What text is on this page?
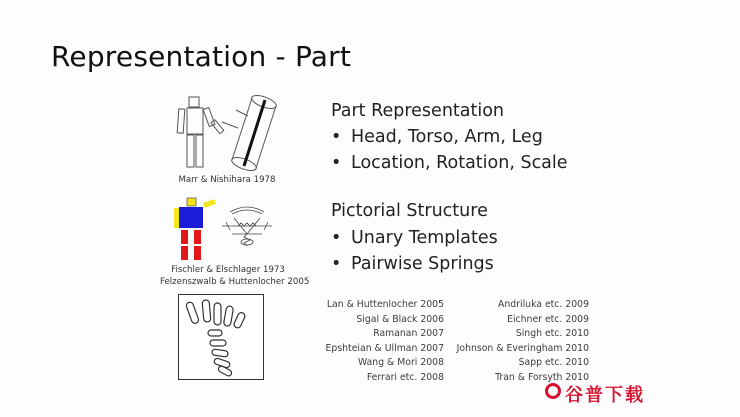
Representation - Part
Marr & Nishihara 1978
Fischler & Elschlager 1973
Felzenszwalb & Huttenlocher 2005
Part Representation
• Head, Torso, Arm, Leg
• Location, Rotation, Scale
Pictorial Structure
• Unary Templates
• Pairwise Springs
Lan & Huttenlocher 2005
Sigal & Black 2006
Ramanan 2007
Epshteian & Ullman 2007
Wang & Mori 2008
Ferrari etc. 2008
Andriluka etc. 2009
Eichner etc. 2009
Singh etc. 2010
Johnson & Everingham 2010
Sapp etc. 2010
Tran & Forsyth 2010
谷普下载
